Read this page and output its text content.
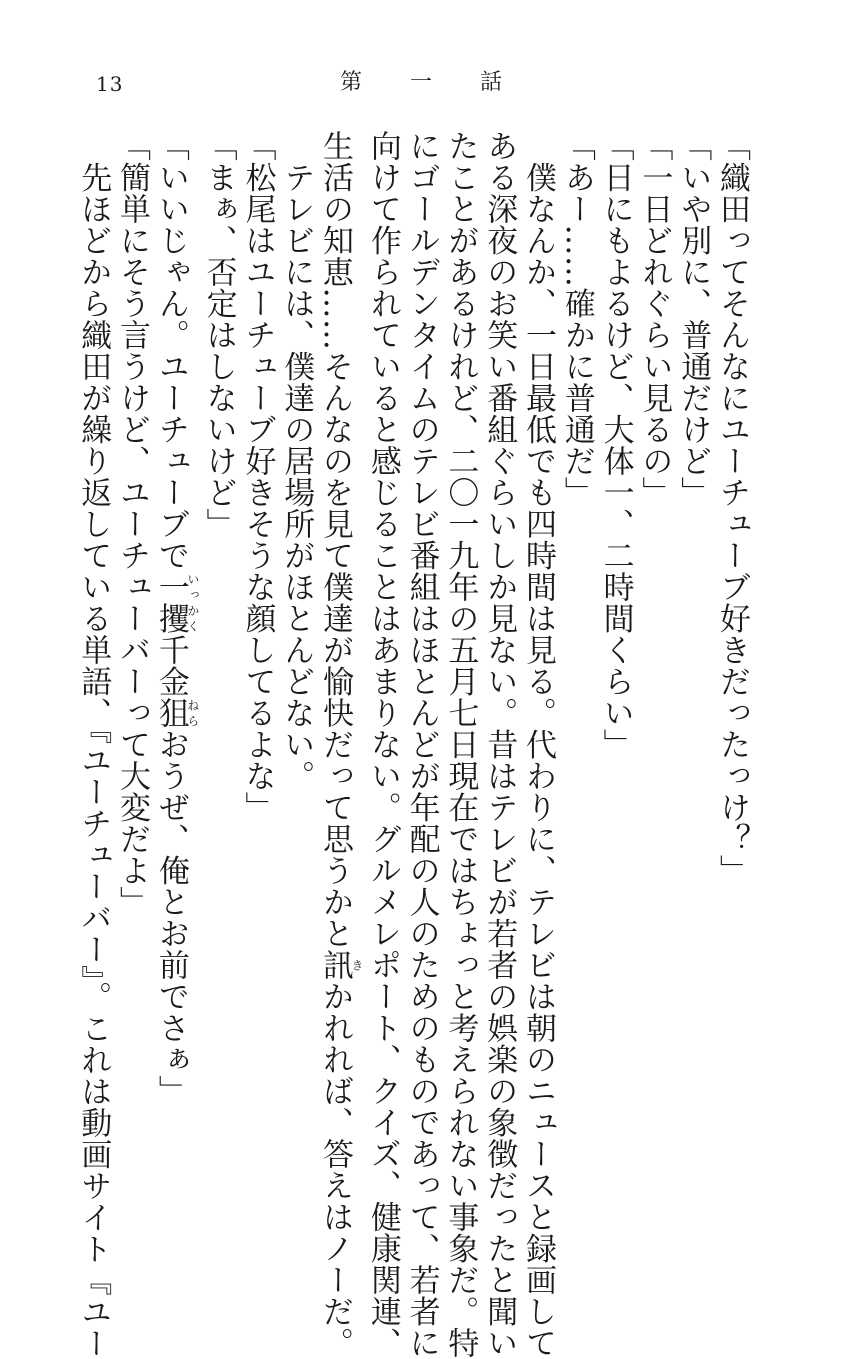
13	第一話
「織田ってそんなにユーチューブ好きだったっけ？」
「いや別に、普通だけど」
「一日どれぐらい見るの」
「日にもよるけど、大体一、二時間くらい」
「あー……確かに普通だ」
　僕なんか、一日最低でも四時間は見る。代わりに、テレビは朝のニュースと録画して
ある深夜のお笑い番組ぐらいしか見ない。昔はテレビが若者の娯楽の象徴だったと聞い
たことがあるけれど、二〇一九年の五月七日現在ではちょっと考えられない事象だ。特
にゴールデンタイムのテレビ番組はほとんどが年配の人のためのものであって、若者に
向けて作られていると感じることはあまりない。グルメレポート、クイズ、健康関連、
生活の知恵……そんなのを見て僕達が愉快だって思うかと訊きかれれば、答えはノーだ。
　テレビには、僕達の居場所がほとんどない。
「松尾はユーチューブ好きそうな顔してるよな」
「まぁ、否定はしないけど」
「いいじゃん。ユーチューブで一攫いっかく千金狙ねらおうぜ、俺とお前でさぁ」
「簡単にそう言うけど、ユーチューバーって大変だよ」
　先ほどから織田が繰り返している単語、『ユーチューバー』。これは動画サイト『ユー
